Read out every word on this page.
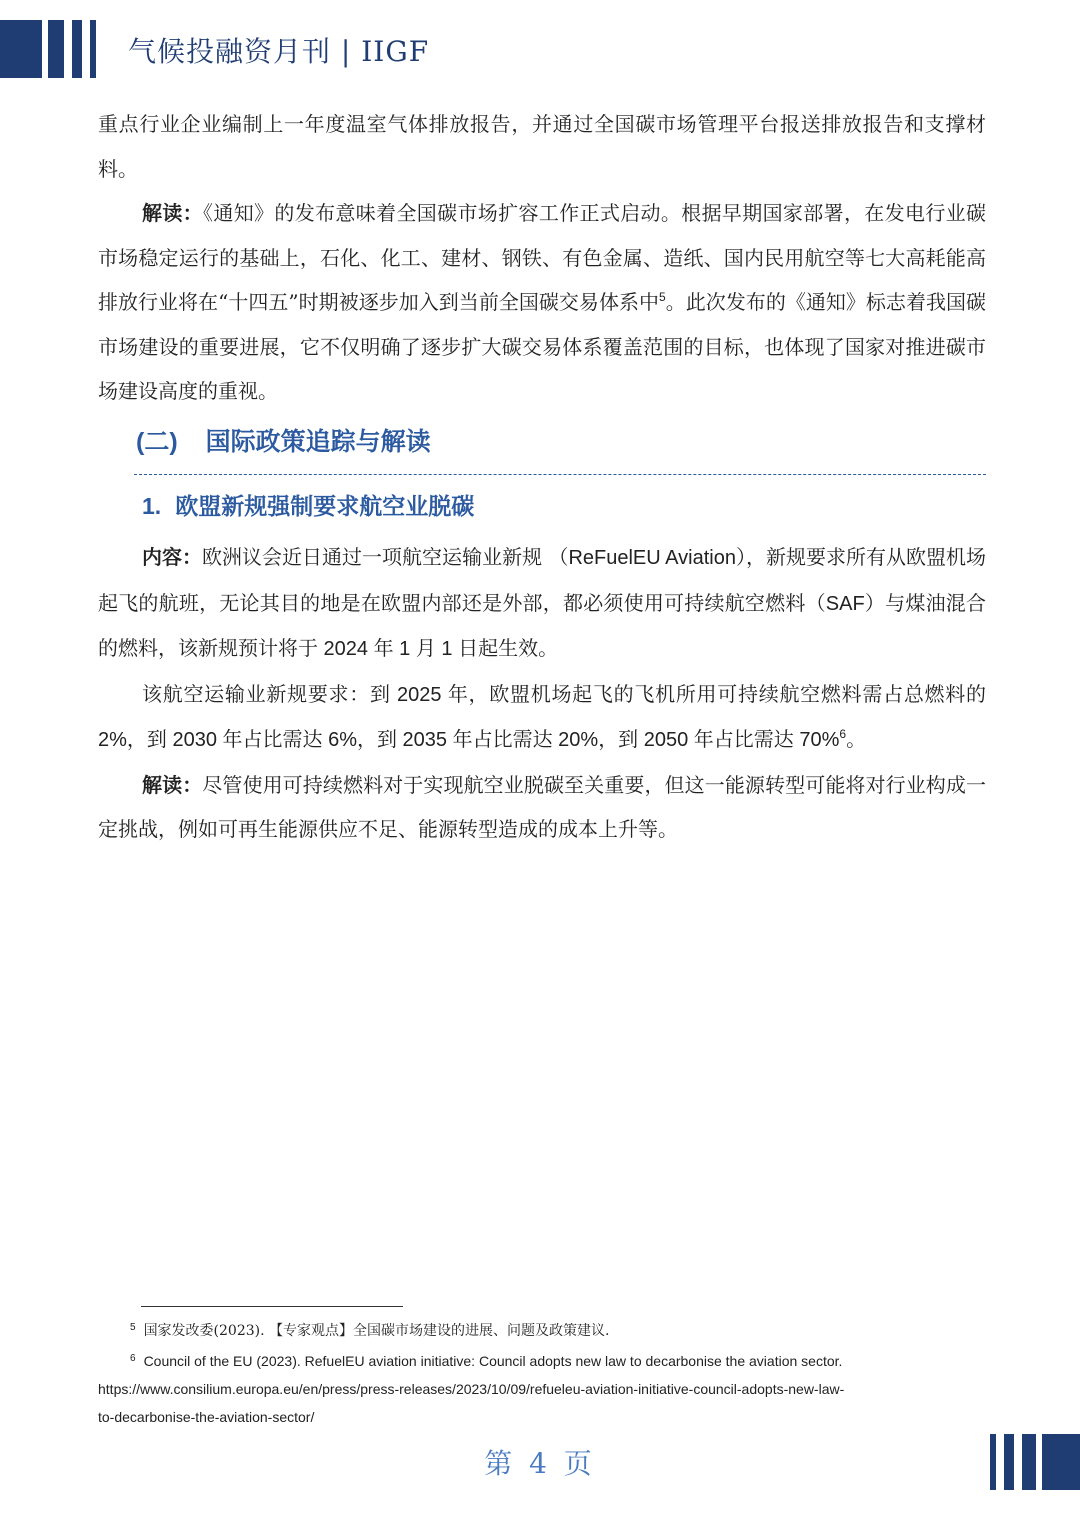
气候投融资月刊 | IIGF

重点行业企业编制上一年度温室气体排放报告，并通过全国碳市场管理平台报送排放报告和支撑材料。

解读：《通知》的发布意味着全国碳市场扩容工作正式启动。根据早期国家部署，在发电行业碳市场稳定运行的基础上，石化、化工、建材、钢铁、有色金属、造纸、国内民用航空等七大高耗能高排放行业将在“十四五”时期被逐步加入到当前全国碳交易体系中$^5$。此次发布的《通知》标志着我国碳市场建设的重要进展，它不仅明确了逐步扩大碳交易体系覆盖范围的目标，也体现了国家对推进碳市场建设高度的重视。

(二) 国际政策追踪与解读
1. 欧盟新规强制要求航空业脱碳

内容：欧洲议会近日通过一项航空运输业新规 （ReFuelEU Aviation），新规要求所有从欧盟机场起飞的航班，无论其目的地是在欧盟内部还是外部，都必须使用可持续航空燃料（SAF）与煤油混合的燃料，该新规预计将于 2024 年 1 月 1 日起生效。

该航空运输业新规要求：到 2025 年，欧盟机场起飞的飞机所用可持续航空燃料需占总燃料的 2%，到 2030 年占比需达 6%，到 2035 年占比需达 20%，到 2050 年占比需达 70%$^6$。

解读：尽管使用可持续燃料对于实现航空业脱碳至关重要，但这一能源转型可能将对行业构成一定挑战，例如可再生能源供应不足、能源转型造成的成本上升等。

$^5$ 国家发改委(2023). 【专家观点】全国碳市场建设的进展、问题及政策建议.
$^6$ Council of the EU (2023). RefuelEU aviation initiative: Council adopts new law to decarbonise the aviation sector.
https://www.consilium.europa.eu/en/press/press-releases/2023/10/09/refueleu-aviation-initiative-council-adopts-new-law-
to-decarbonise-the-aviation-sector/
第 4 页
